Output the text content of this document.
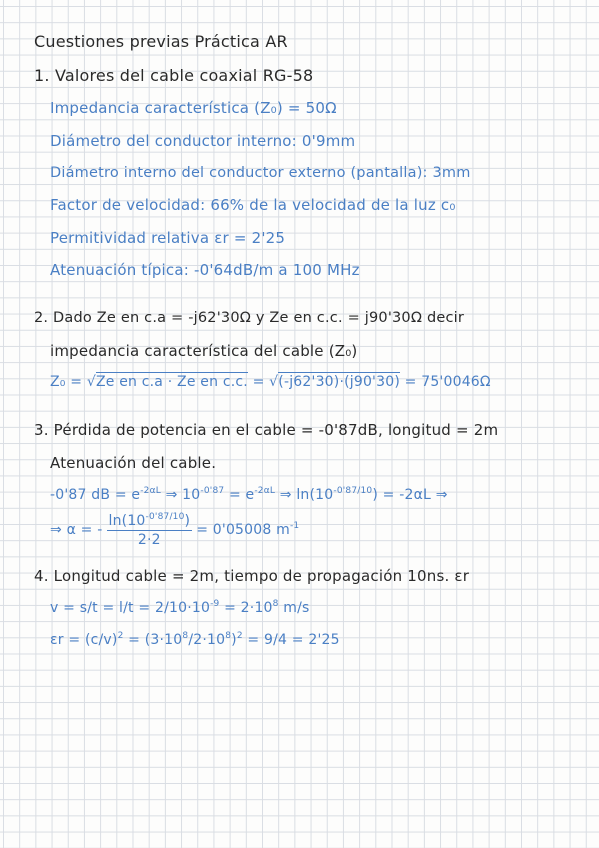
Cuestiones previas Práctica AR
1. Valores del cable coaxial RG-58
Impedancia característica (Z₀) = 50Ω
Diámetro del conductor interno: 0'9mm
Diámetro interno del conductor externo (pantalla): 3mm
Factor de velocidad: 66% de la velocidad de la luz c₀
Permitividad relativa εr = 2'25
Atenuación típica: -0'64dB/m a 100 MHz
2. Dado Ze en c.a = -j62'30Ω y Ze en c.c. = j90'30Ω decir
impedancia característica del cable (Z₀)
Z₀ = √Ze en c.a · Ze en c.c. = √(-j62'30)·(j90'30) = 75'0046Ω
3. Pérdida de potencia en el cable = -0'87dB, longitud = 2m
Atenuación del cable.
-0'87 dB = $e^{-2\alpha L}$ ⇒ $10^{-0'87} = e^{-2\alpha L}$ ⇒ $\ln(10^{-0'87/10}) = -2\alpha L$ ⇒
⇒ α = - $\frac{\ln(10^{-0'87/10})}{2\cdot 2} = 0'05008$ $m^{-1}$
4. Longitud cable = 2m, tiempo de propagación 10ns. εr
$v = s/t = l/t = 2/10\cdot 10^{-9} = 2\cdot 10^8$ m/s
$\varepsilon r = (c/v)^2 = (3\cdot 10^8/2\cdot 10^8)^2 = 9/4 = 2'25$
